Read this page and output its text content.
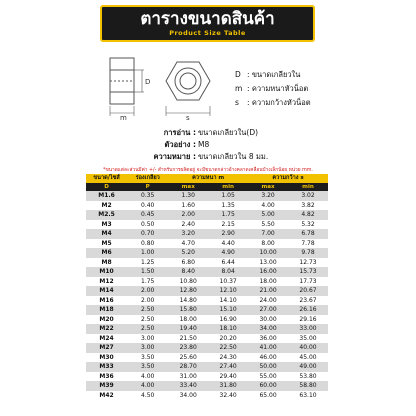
ตารางขนาดสินค้า
Product Size Table
D
m	s
D : ขนาดเกลียวใน
m : ความหนาหัวน็อต
s : ความกว้างหัวน็อต
การอ่าน : ขนาดเกลียวใน(D)
ตัวอย่าง : M8
ความหมาย : ขนาดเกลียวใน 8 มม.
*ขนาดแต่ละส่วนมีค่า +/- สำหรับการผลิตอยู่ จะมีขนาดกล่าวอ้างคลาดเคลื่อนบ้างเล็กน้อย หน่วย mm.
ขนาด/ไซส์	ร่องเกลียว	ความหนา m		ความกว้าง s	
D	P	max	min	max	min
M1.6	0.35	1.30	1.05	3.20	3.02
M2	0.40	1.60	1.35	4.00	3.82
M2.5	0.45	2.00	1.75	5.00	4.82
M3	0.50	2.40	2.15	5.50	5.32
M4	0.70	3.20	2.90	7.00	6.78
M5	0.80	4.70	4.40	8.00	7.78
M6	1.00	5.20	4.90	10.00	9.78
M8	1.25	6.80	6.44	13.00	12.73
M10	1.50	8.40	8.04	16.00	15.73
M12	1.75	10.80	10.37	18.00	17.73
M14	2.00	12.80	12.10	21.00	20.67
M16	2.00	14.80	14.10	24.00	23.67
M18	2.50	15.80	15.10	27.00	26.16
M20	2.50	18.00	16.90	30.00	29.16
M22	2.50	19.40	18.10	34.00	33.00
M24	3.00	21.50	20.20	36.00	35.00
M27	3.00	23.80	22.50	41.00	40.00
M30	3.50	25.60	24.30	46.00	45.00
M33	3.50	28.70	27.40	50.00	49.00
M36	4.00	31.00	29.40	55.00	53.80
M39	4.00	33.40	31.80	60.00	58.80
M42	4.50	34.00	32.40	65.00	63.10
